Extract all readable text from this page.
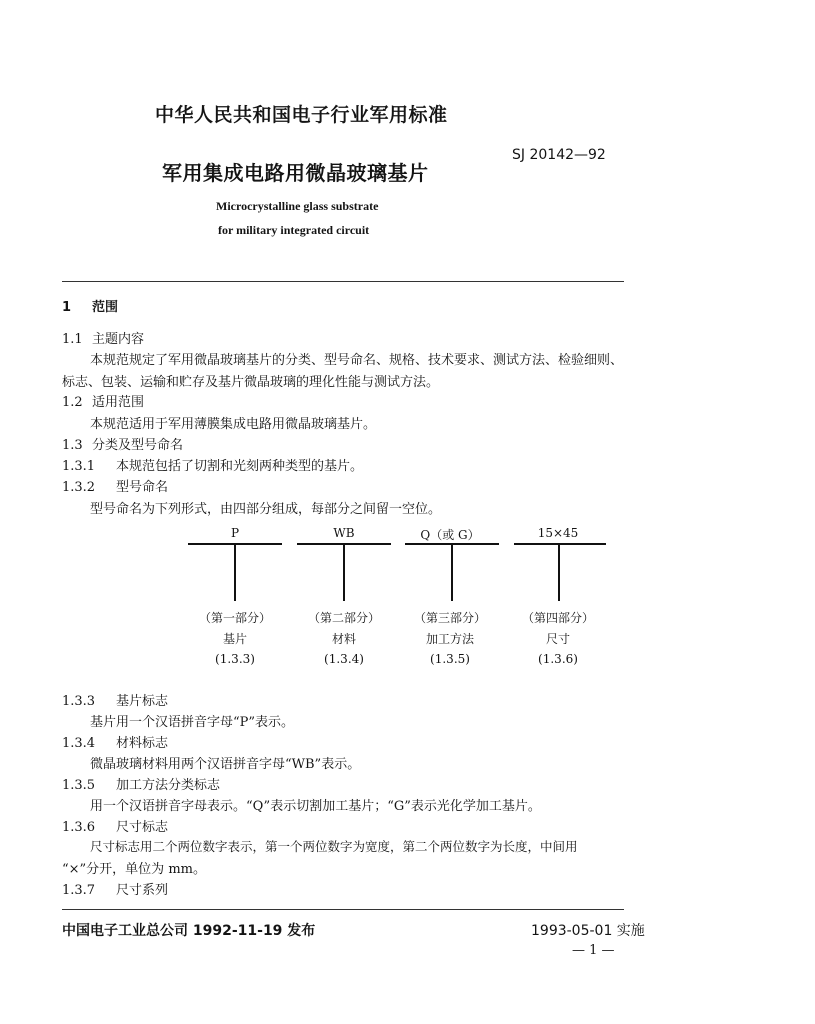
中华人民共和国电子行业军用标准
军用集成电路用微晶玻璃基片
SJ 20142—92
Microcrystalline glass substrate
for military integrated circuit
1 范围
1.1 主题内容
本规范规定了军用微晶玻璃基片的分类、型号命名、规格、技术要求、测试方法、检验细则、
标志、包装、运输和贮存及基片微晶玻璃的理化性能与测试方法。
1.2 适用范围
本规范适用于军用薄膜集成电路用微晶玻璃基片。
1.3 分类及型号命名
1.3.1 本规范包括了切割和光刻两种类型的基片。
1.3.2 型号命名
型号命名为下列形式，由四部分组成，每部分之间留一空位。
P
（第一部分）
基片
(1.3.3)
WB
（第二部分）
材料
(1.3.4)
Q（或 G）
（第三部分）
加工方法
(1.3.5)
15×45
（第四部分）
尺寸
(1.3.6)
1.3.3 基片标志
基片用一个汉语拼音字母“P”表示。
1.3.4 材料标志
微晶玻璃材料用两个汉语拼音字母“WB”表示。
1.3.5 加工方法分类标志
用一个汉语拼音字母表示。“Q”表示切割加工基片；“G”表示光化学加工基片。
1.3.6 尺寸标志
尺寸标志用二个两位数字表示，第一个两位数字为宽度，第二个两位数字为长度，中间用
“×”分开，单位为 mm。
1.3.7 尺寸系列
中国电子工业总公司 1992-11-19 发布	1993-05-01 实施
— 1 —
